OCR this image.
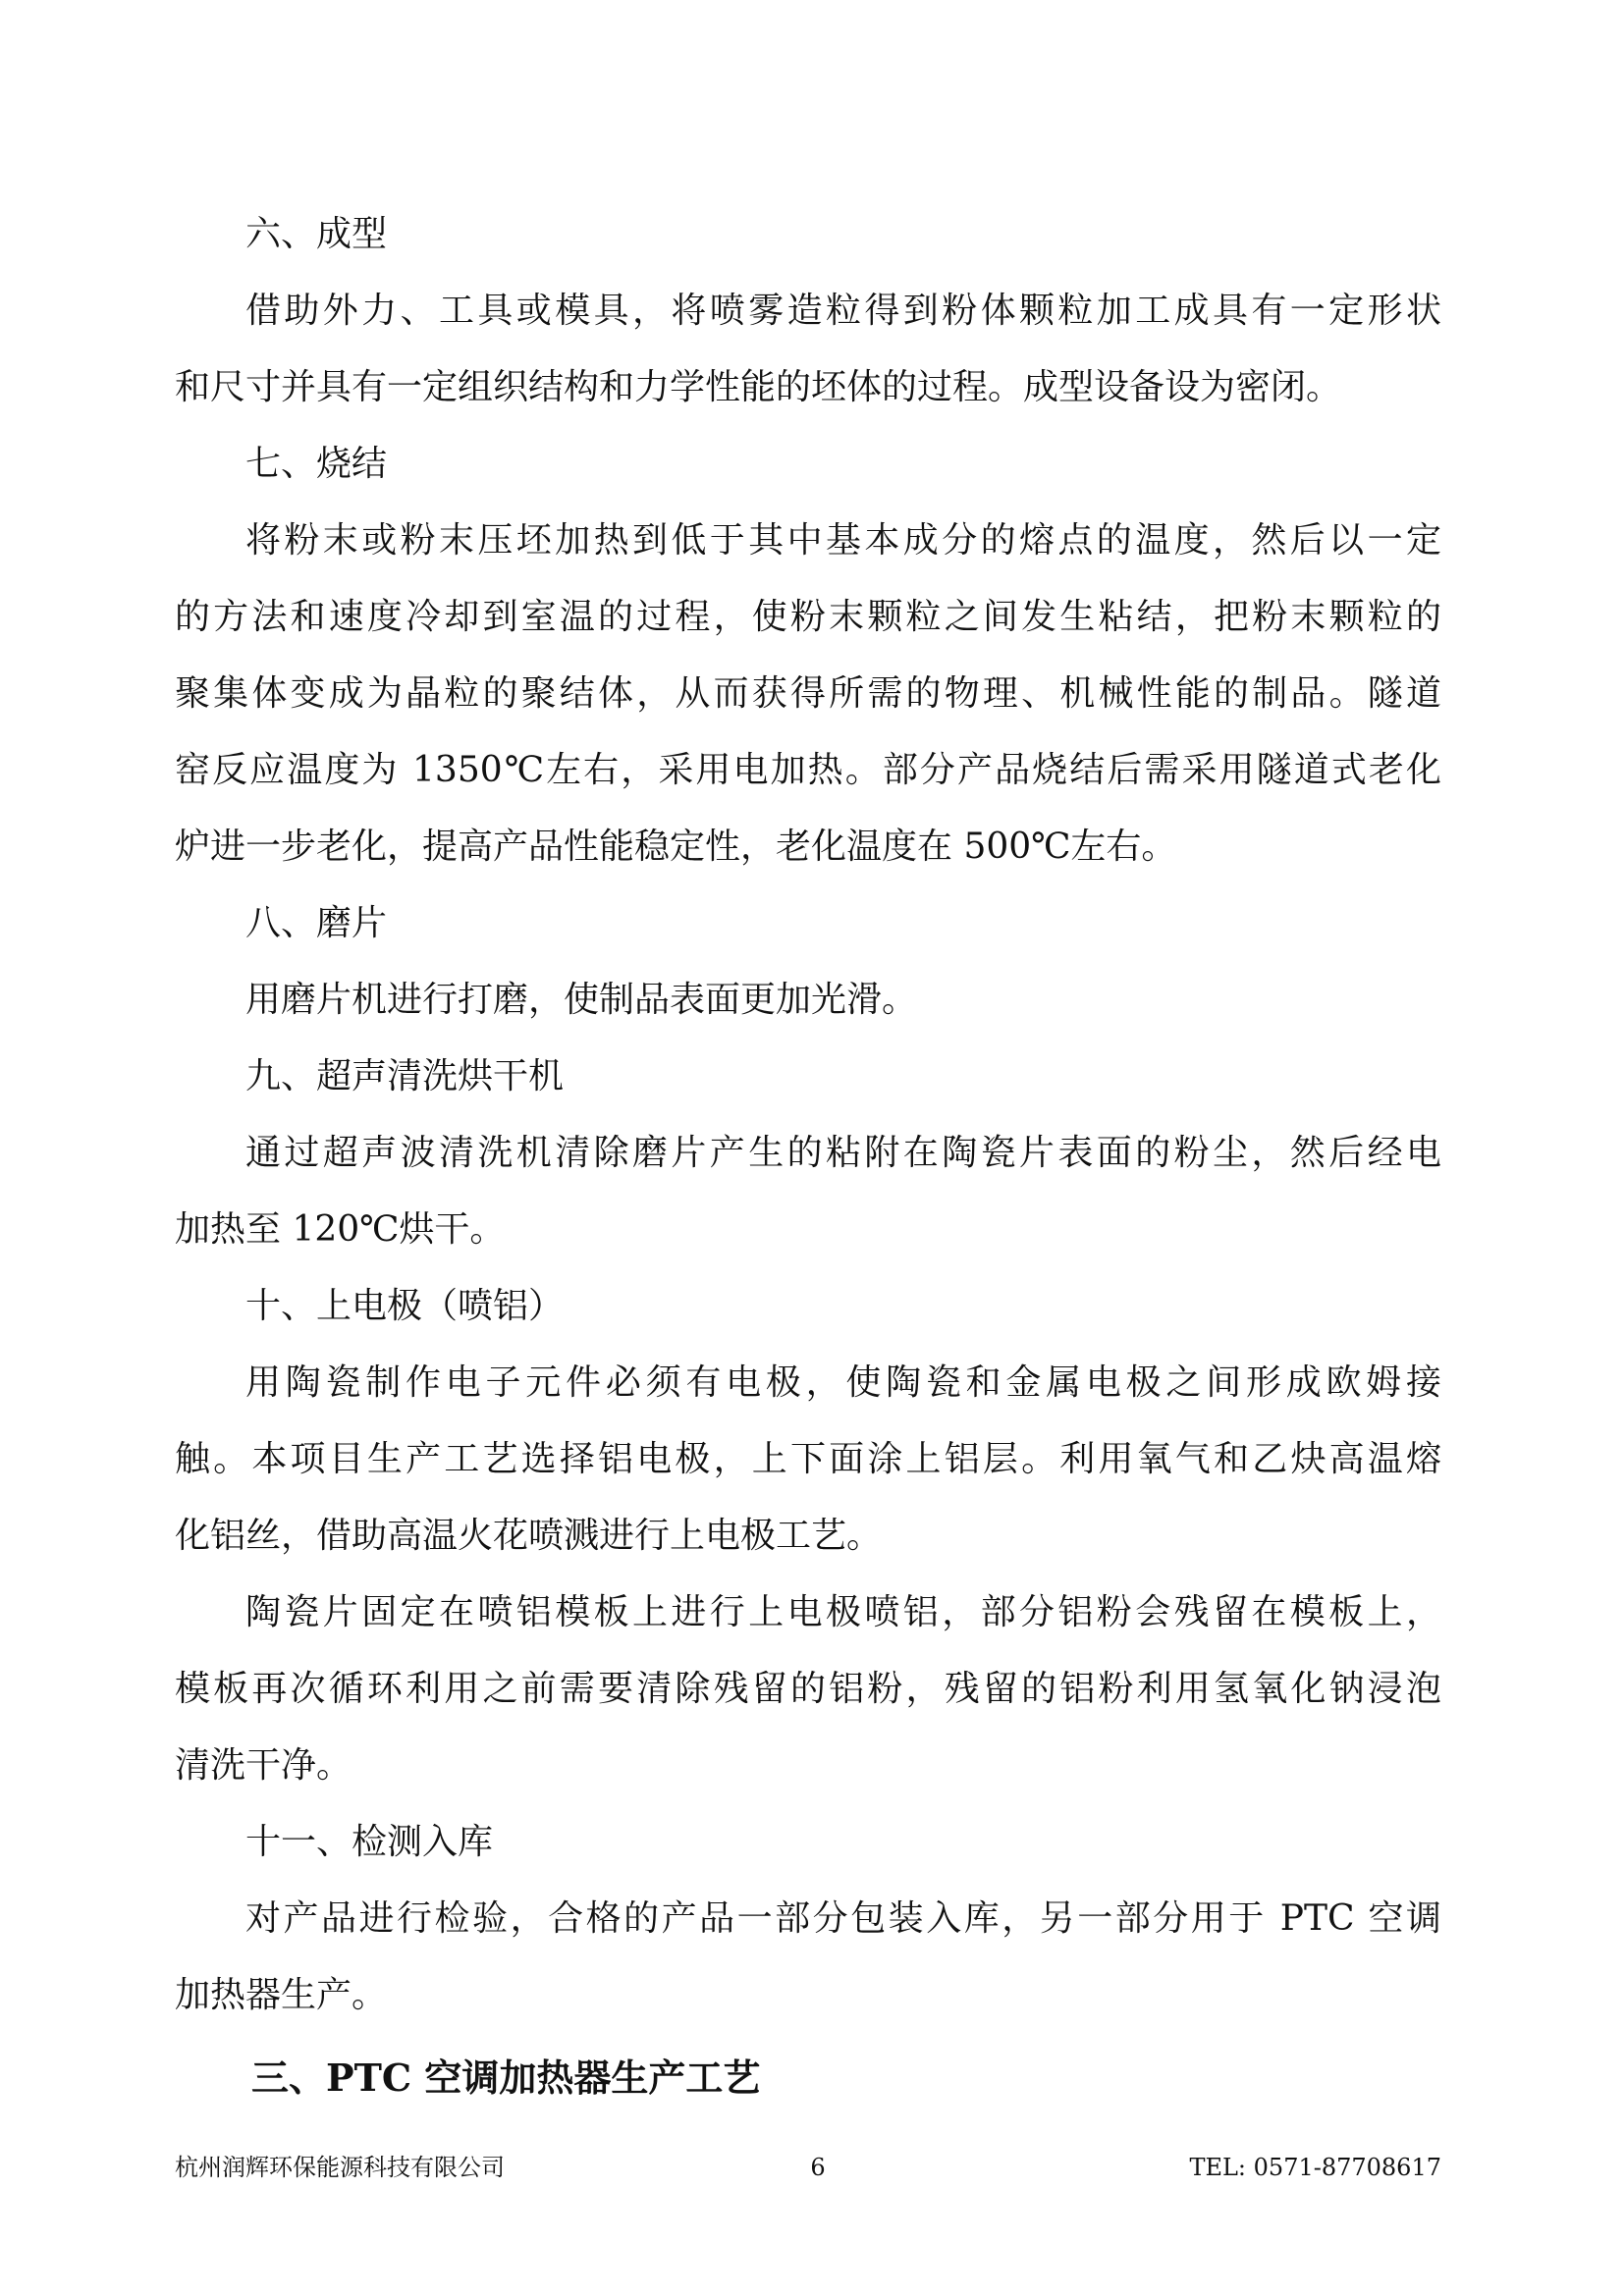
六、成型
借助外力、工具或模具，将喷雾造粒得到粉体颗粒加工成具有一定形状
和尺寸并具有一定组织结构和力学性能的坯体的过程。成型设备设为密闭。
七、烧结
将粉末或粉末压坯加热到低于其中基本成分的熔点的温度，然后以一定
的方法和速度冷却到室温的过程，使粉末颗粒之间发生粘结，把粉末颗粒的
聚集体变成为晶粒的聚结体，从而获得所需的物理、机械性能的制品。隧道
窑反应温度为 1350℃左右，采用电加热。部分产品烧结后需采用隧道式老化
炉进一步老化，提高产品性能稳定性，老化温度在 500℃左右。
八、磨片
用磨片机进行打磨，使制品表面更加光滑。
九、超声清洗烘干机
通过超声波清洗机清除磨片产生的粘附在陶瓷片表面的粉尘，然后经电
加热至 120℃烘干。
十、上电极（喷铝）
用陶瓷制作电子元件必须有电极，使陶瓷和金属电极之间形成欧姆接
触。本项目生产工艺选择铝电极，上下面涂上铝层。利用氧气和乙炔高温熔
化铝丝，借助高温火花喷溅进行上电极工艺。
陶瓷片固定在喷铝模板上进行上电极喷铝，部分铝粉会残留在模板上，
模板再次循环利用之前需要清除残留的铝粉，残留的铝粉利用氢氧化钠浸泡
清洗干净。
十一、检测入库
对产品进行检验，合格的产品一部分包装入库，另一部分用于 PTC 空调
加热器生产。
三、PTC 空调加热器生产工艺
杭州润辉环保能源科技有限公司	6	TEL: 0571-87708617
